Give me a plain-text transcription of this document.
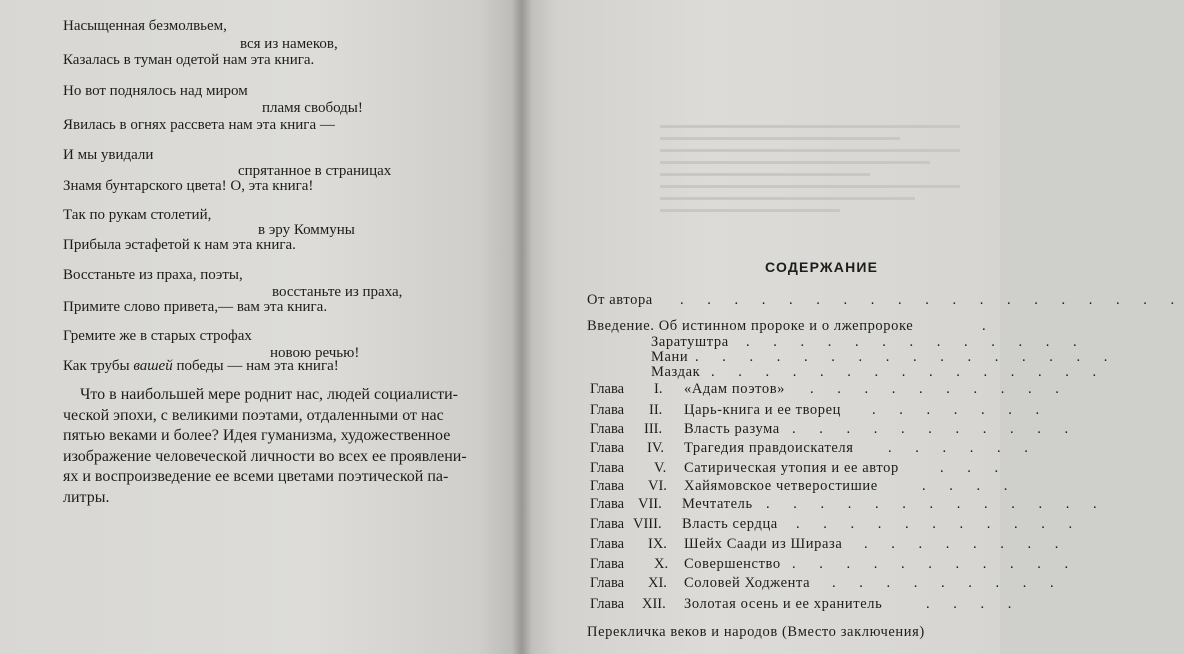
Насыщенная безмолвьем,
вся из намеков,
Казалась в туман одетой нам эта книга.
Но вот поднялось над миром
пламя свободы!
Явилась в огнях рассвета нам эта книга —
И мы увидали
спрятанное в страницах
Знамя бунтарского цвета! О, эта книга!
Так по рукам столетий,
в эру Коммуны
Прибыла эстафетой к нам эта книга.
Восстаньте из праха, поэты,
восстаньте из праха,
Примите слово привета,— вам эта книга.
Гремите же в старых строфах
новою речью!
Как трубы вашей победы — нам эта книга!
Что в наибольшей мере роднит нас, людей социалисти-
ческой эпохи, с великими поэтами, отдаленными от нас
пятью веками и более? Идея гуманизма, художественное
изображение человеческой личности во всех ее проявлени-
ях и воспроизведение ее всеми цветами поэтической па-
литры.
СОДЕРЖАНИЕ
От автора . . . . . . . . . . . . . . . . . . .
Введение. Об истинном пророке и о лжепророке	.
Заратуштра . . . . . . . . . . . . .
Мани . . . . . . . . . . . . . . . .
Маздак . . . . . . . . . . . . . . .
Глава I. «Адам поэтов» . . . . . . . . . .
Глава II. Царь-книга и ее творец . . . . . . .
Глава III. Власть разума . . . . . . . . . . .
Глава IV. Трагедия правдоискателя . . . . . .
Глава V. Сатирическая утопия и ее автор	. . .
Глава VI. Хайямовское четверостишие	. . . .
Глава VII. Мечтатель . . . . . . . . . . . . .
Глава VIII. Власть сердца . . . . . . . . . . .
Глава IX. Шейх Саади из Шираза . . . . . . . .
Глава X. Совершенство . . . . . . . . . . .
Глава XI. Соловей Ходжента . . . . . . . . .
Глава XII. Золотая осень и ее хранитель	. . . .
Перекличка веков и народов (Вместо заключения)
